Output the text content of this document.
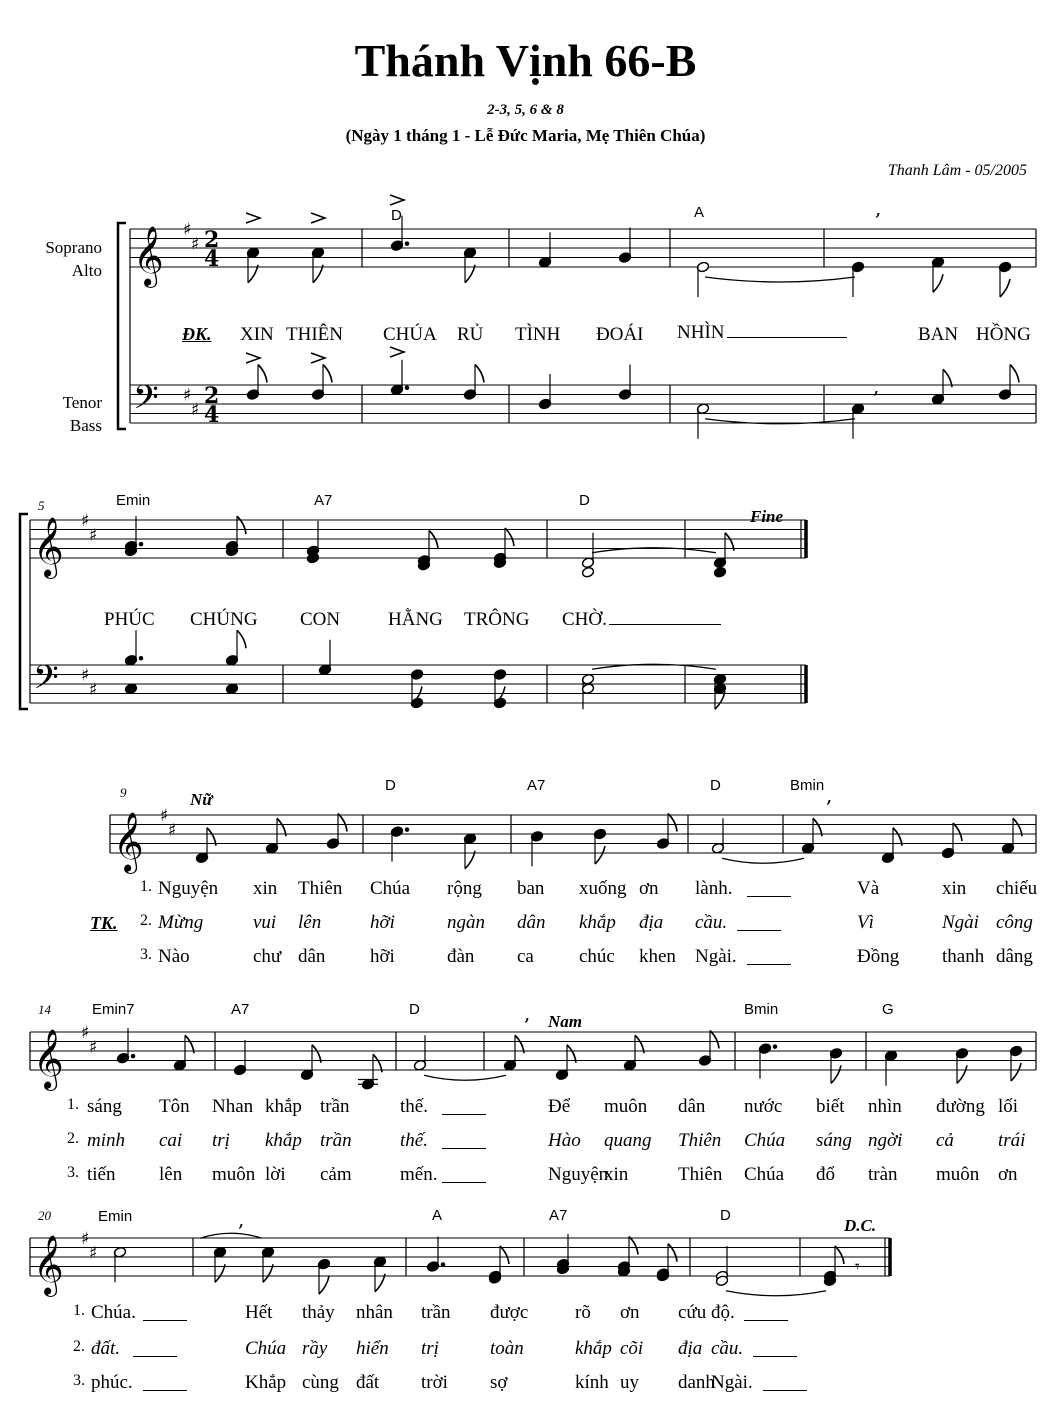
Thánh Vịnh 66-B
2-3, 5, 6 & 8
(Ngày 1 tháng 1 - Lễ Đức Maria, Mẹ Thiên Chúa)
Thanh Lâm - 05/2005
Soprano
Alto
Tenor
Bass
𝄞 ♯
♯ 2
4
𝄢 ♯
♯
2
4
,
,
𝄞 ♯
♯
𝄢 ♯
♯
𝄞 ♯
♯
,
𝄞 ♯
♯
,
𝄞 ♯
♯
,
𝄾
D	A
Emin	A7	D
Fine
ĐK. XIN THIÊN CHÚA RỦ TÌNH ĐOÁI NHÌN	BAN HỒNG
PHÚC CHÚNG CON	HẰNG TRÔNG CHỜ.
5
9
14
20
Nữ
D	A7	D	Bmin
Emin7	A7	D
Nam
Bmin	G
Emin	A	A7	D
D.C.
TK.
1. Nguyện xin Thiên Chúa rộng ban xuống ơn lành.	Và	xin chiếu
2. Mừng	vui lên	hỡi	ngàn dân khắp địa cầu.	Vì	Ngài công
3. Nào	chư dân hỡi	đàn ca chúc khen Ngài.	Đồng thanh dâng
1. sáng Tôn Nhan khắp trần	thế.	Để muôn dân nước biết nhìn đường lối
2. minh cai trị khắp trần	thế.	Hào quang Thiên Chúa sáng ngời cả trái
3. tiến lên muôn lời cảm	mến.	Nguyện
xin	Thiên Chúa đổ tràn muôn ơn
1. Chúa.	Hết thảy nhân trần được rõ ơn cứu độ.
2. đất.	Chúa rầy hiển trị	toàn	khắp cõi địa cầu.
3. phúc.	Khắp cùng đất trời sợ	kính uy danh
Ngài.
